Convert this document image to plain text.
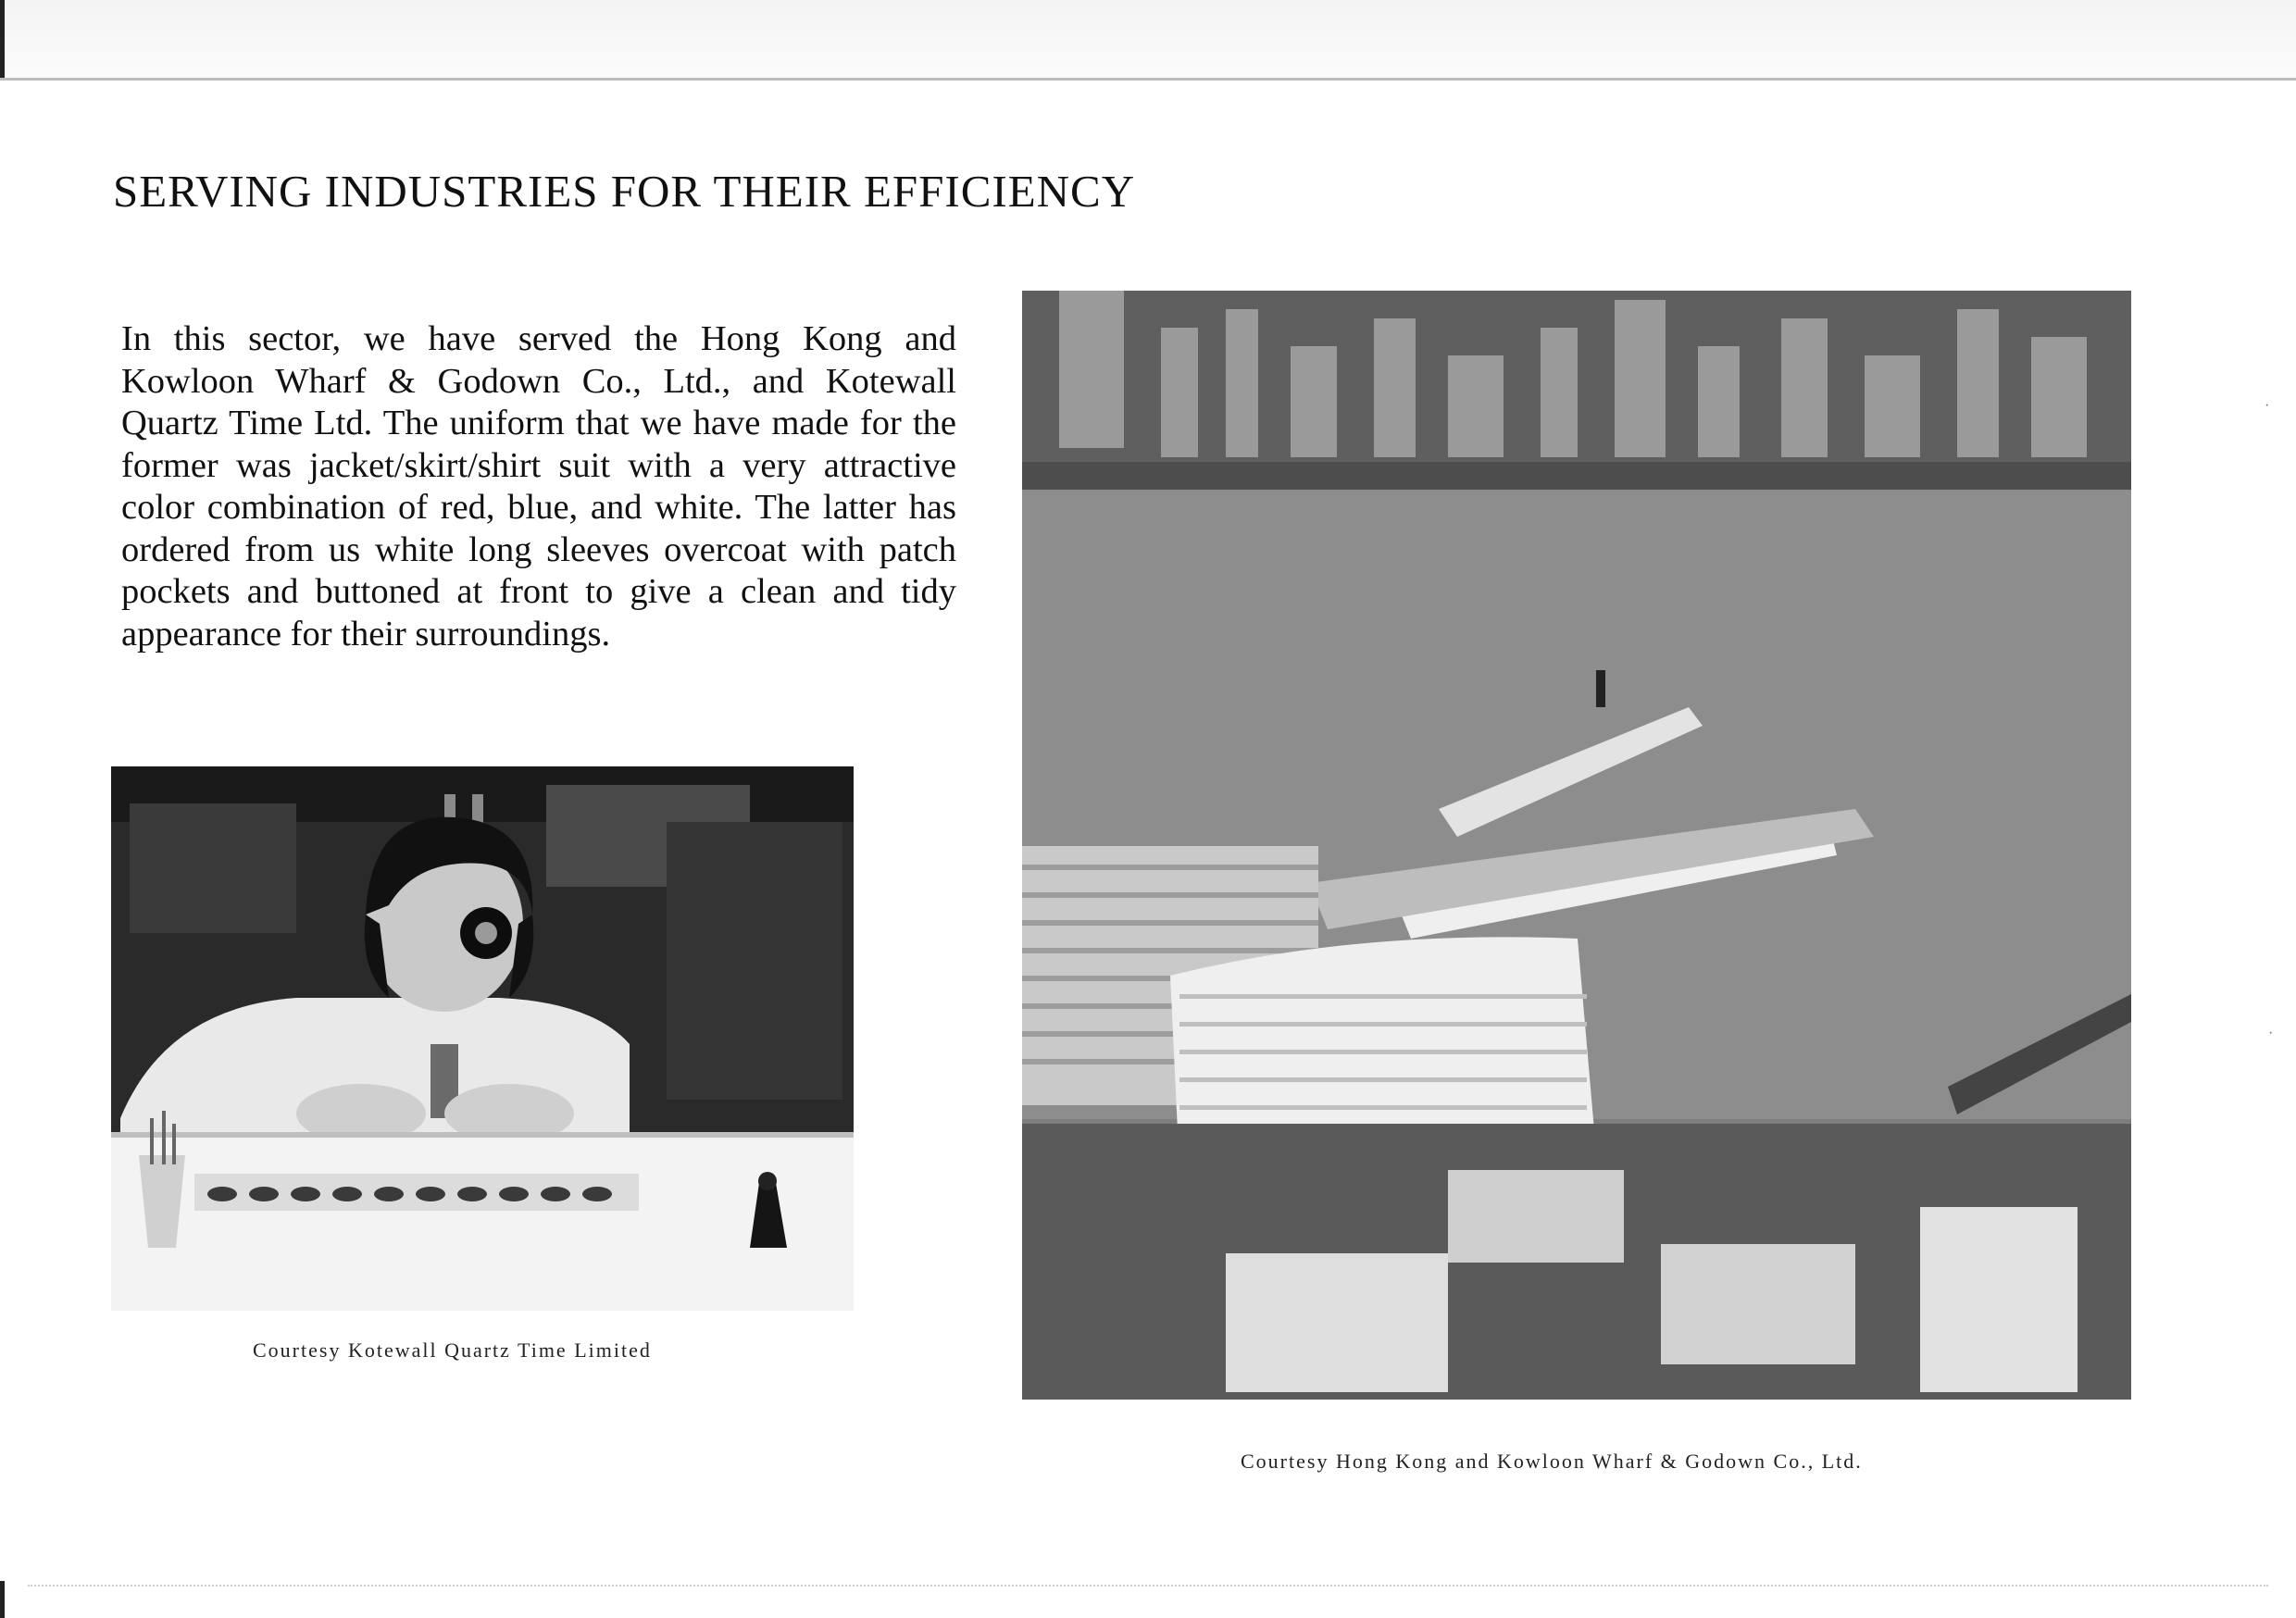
SERVING INDUSTRIES FOR THEIR EFFICIENCY

In this sector, we have served the Hong Kong and Kowloon Wharf & Godown Co., Ltd., and Kotewall Quartz Time Ltd. The uniform that we have made for the former was jacket/skirt/shirt suit with a very attractive color combination of red, blue, and white. The latter has ordered from us white long sleeves overcoat with patch pockets and buttoned at front to give a clean and tidy appearance for their surroundings.

Courtesy Kotewall Quartz Time Limited
Courtesy Hong Kong and Kowloon Wharf & Godown Co., Ltd.
·
·
